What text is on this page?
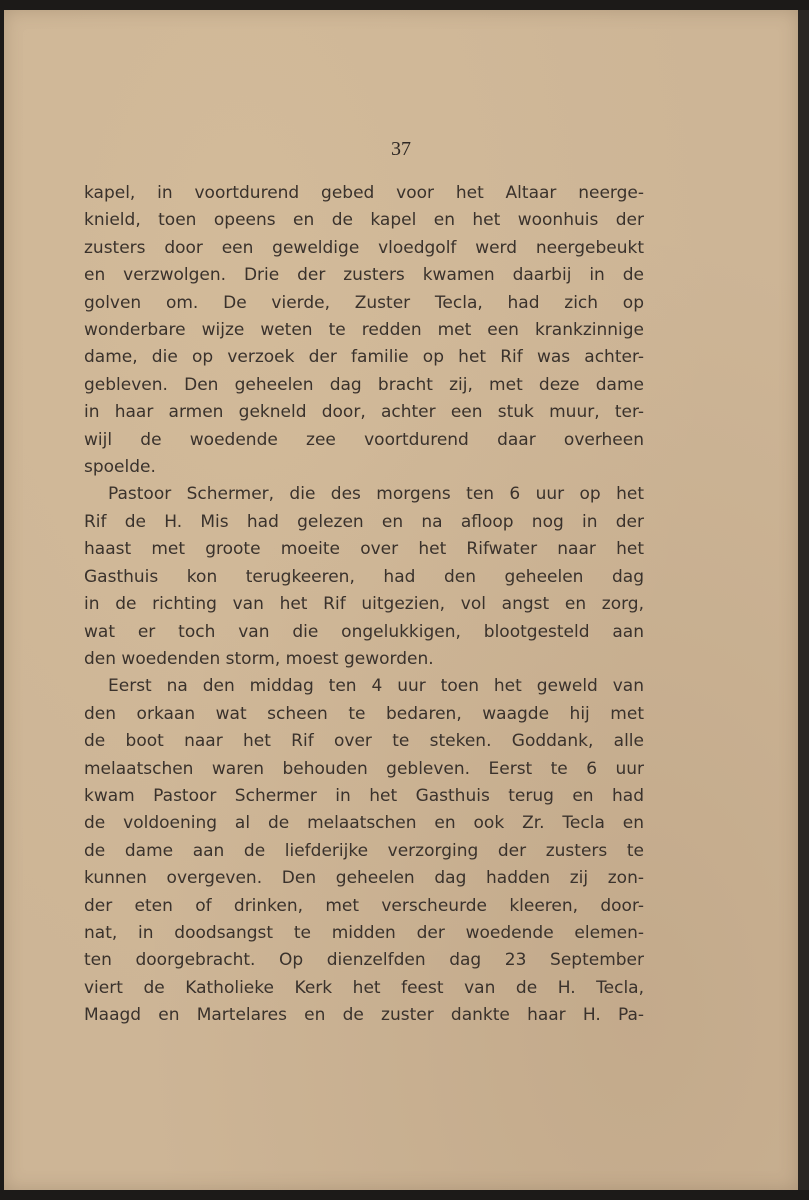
37

kapel, in voortdurend gebed voor het Altaar neerge-
knield, toen opeens en de kapel en het woonhuis der
zusters door een geweldige vloedgolf werd neergebeukt
en verzwolgen. Drie der zusters kwamen daarbij in de
golven om. De vierde, Zuster Tecla, had zich op
wonderbare wijze weten te redden met een krankzinnige
dame, die op verzoek der familie op het Rif was achter-
gebleven. Den geheelen dag bracht zij, met deze dame
in haar armen gekneld door, achter een stuk muur, ter-
wijl de woedende zee voortdurend daar overheen
spoelde.
Pastoor Schermer, die des morgens ten 6 uur op het
Rif de H. Mis had gelezen en na afloop nog in der
haast met groote moeite over het Rifwater naar het
Gasthuis kon terugkeeren, had den geheelen dag
in de richting van het Rif uitgezien, vol angst en zorg,
wat er toch van die ongelukkigen, blootgesteld aan
den woedenden storm, moest geworden.
Eerst na den middag ten 4 uur toen het geweld van
den orkaan wat scheen te bedaren, waagde hij met
de boot naar het Rif over te steken. Goddank, alle
melaatschen waren behouden gebleven. Eerst te 6 uur
kwam Pastoor Schermer in het Gasthuis terug en had
de voldoening al de melaatschen en ook Zr. Tecla en
de dame aan de liefderijke verzorging der zusters te
kunnen overgeven. Den geheelen dag hadden zij zon-
der eten of drinken, met verscheurde kleeren, door-
nat, in doodsangst te midden der woedende elemen-
ten doorgebracht. Op dienzelfden dag 23 September
viert de Katholieke Kerk het feest van de H. Tecla,
Maagd en Martelares en de zuster dankte haar H. Pa-
